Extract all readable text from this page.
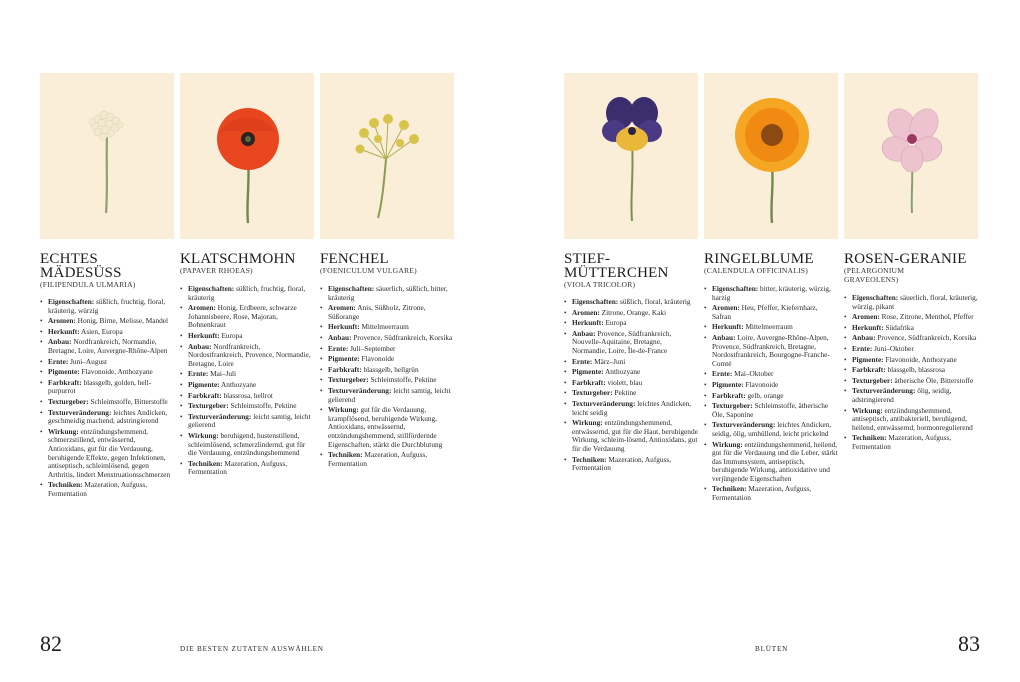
ECHTES
MÄDESÜSS
(FILIPENDULA ULMARIA)
• Eigenschaften: süßlich, fruchtig, floral, kräuterig, würzig
• Aromen: Honig, Birne, Melisse, Mandel
• Herkunft: Asien, Europa
• Anbau: Nordfrankreich, Normandie, Bretagne, Loire, Auvergne-Rhône-Alpen
• Ernte: Juni–August
• Pigmente: Flavonoide, Anthozyane
• Farbkraft: blassgelb, golden, hell-purpurrot
• Texturgeber: Schleimstoffe, Bitterstoffe
• Texturveränderung: leichtes Andicken, geschmeidig machend, adstringierend
• Wirkung: entzündungshemmend, schmerzstillend, entwässernd, Antioxidans, gut für die Verdauung, beruhigende Effekte, gegen Infektionen, antiseptisch, schleimlösend, gegen Arthritis, lindert Menstruationsschmerzen
• Techniken: Mazeration, Aufguss, Fermentation
KLATSCHMOHN
(PAPAVER RHOEAS)
• Eigenschaften: süßlich, fruchtig, floral, kräuterig
• Aromen: Honig, Erdbeere, schwarze Johannisbeere, Rose, Majoran, Bohnenkraut
• Herkunft: Europa
• Anbau: Nordfrankreich, Nordostfrankreich, Provence, Normandie, Bretagne, Loire
• Ernte: Mai–Juli
• Pigmente: Anthozyane
• Farbkraft: blassrosa, hellrot
• Texturgeber: Schleimstoffe, Pektine
• Texturveränderung: leicht samtig, leicht gelierend
• Wirkung: beruhigend, hustenstillend, schleimlösend, schmerzlindernd, gut für die Verdauung, entzündungshemmend
• Techniken: Mazeration, Aufguss, Fermentation
FENCHEL
(FOENICULUM VULGARE)
• Eigenschaften: säuerlich, süßlich, bitter, kräuterig
• Aromen: Anis, Süßholz, Zitrone, Süßorange
• Herkunft: Mittelmeerraum
• Anbau: Provence, Südfrankreich, Korsika
• Ernte: Juli–September
• Pigmente: Flavonoide
• Farbkraft: blassgelb, hellgrün
• Texturgeber: Schleimstoffe, Pektine
• Texturveränderung: leicht samtig, leicht gelierend
• Wirkung: gut für die Verdauung, krampflösend, beruhigende Wirkung, Antioxidans, entwässernd, entzündungshemmend, stillfördernde Eigenschaften, stärkt die Durchblutung
• Techniken: Mazeration, Aufguss, Fermentation
STIEF-
MÜTTERCHEN
(VIOLA TRICOLOR)
• Eigenschaften: süßlich, floral, kräuterig
• Aromen: Zitrone, Orange, Kaki
• Herkunft: Europa
• Anbau: Provence, Südfrankreich, Nouvelle-Aquitaine, Bretagne, Normandie, Loire, Île-de-France
• Ernte: März–Juni
• Pigmente: Anthozyane
• Farbkraft: violett, blau
• Texturgeber: Pektine
• Texturveränderung: leichtes Andicken, leicht seidig
• Wirkung: entzündungshemmend, entwässernd, gut für die Haut, beruhigende Wirkung, schleim-lösend, Antioxidans, gut für die Verdauung
• Techniken: Mazeration, Aufguss, Fermentation
RINGELBLUME
(CALENDULA OFFICINALIS)
• Eigenschaften: bitter, kräuterig, würzig, harzig
• Aromen: Heu, Pfeffer, Kiefernharz, Safran
• Herkunft: Mittelmeerraum
• Anbau: Loire, Auvergne-Rhône-Alpen, Provence, Südfrankreich, Bretagne, Nordostfrankreich, Bourgogne-Franche-Comté
• Ernte: Mai–Oktober
• Pigmente: Flavonoide
• Farbkraft: gelb, orange
• Texturgeber: Schleimstoffe, ätherische Öle, Saponine
• Texturveränderung: leichtes Andicken, seidig, ölig, umhüllend, leicht prickelnd
• Wirkung: entzündungshemmend, heilend, gut für die Verdauung und die Leber, stärkt das Immunsystem, antiseptisch, beruhigende Wirkung, antioxidative und verjüngende Eigenschaften
• Techniken: Mazeration, Aufguss, Fermentation
ROSEN-GERANIE
(PELARGONIUM
GRAVEOLENS)
• Eigenschaften: säuerlich, floral, kräuterig, würzig, pikant
• Aromen: Rose, Zitrone, Menthol, Pfeffer
• Herkunft: Südafrika
• Anbau: Provence, Südfrankreich, Korsika
• Ernte: Juni–Oktober
• Pigmente: Flavonoide, Anthozyane
• Farbkraft: blassgelb, blassrosa
• Texturgeber: ätherische Öle, Bitterstoffe
• Texturveränderung: ölig, seidig, adstringierend
• Wirkung: entzündungshemmend, antiseptisch, antibakteriell, beruhigend, heilend, entwässernd, hormonregulierend
• Techniken: Mazeration, Aufguss, Fermentation
82	DIE BESTEN ZUTATEN AUSWÄHLEN	BLÜTEN	83
